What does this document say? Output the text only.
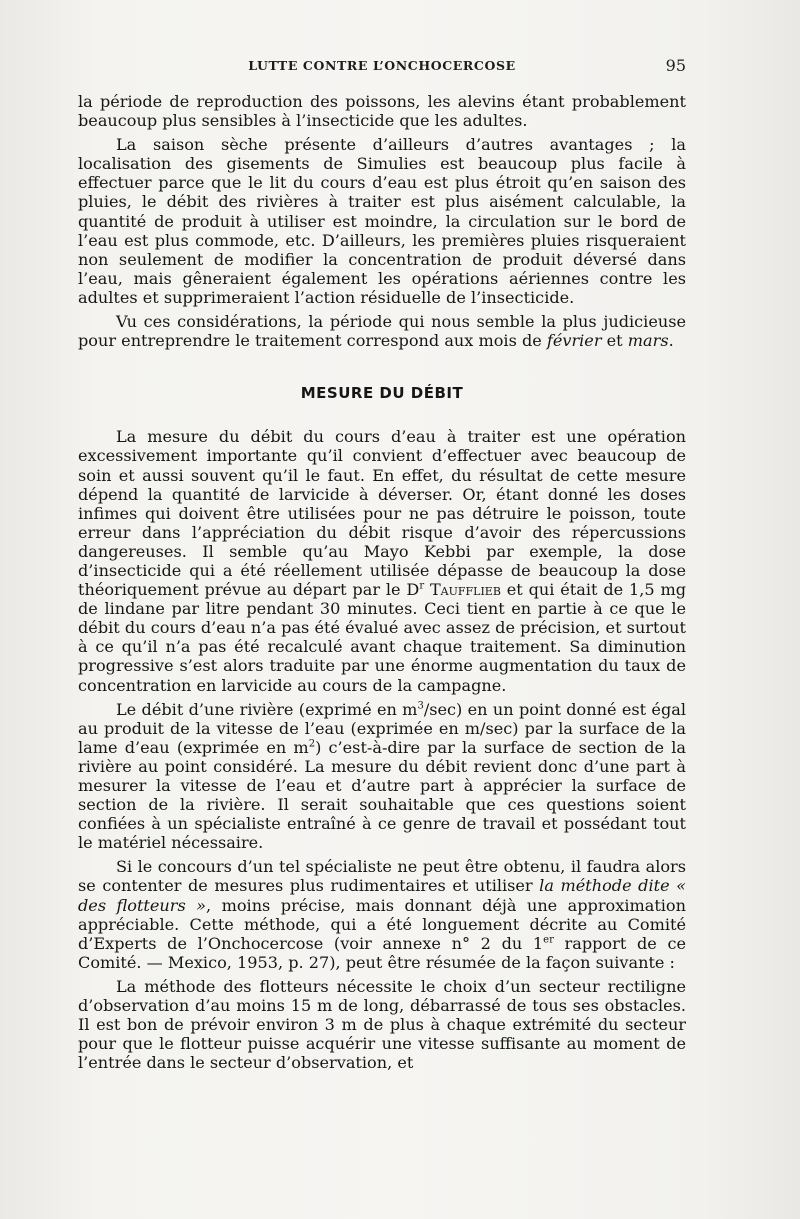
LUTTE CONTRE L’ONCHOCERCOSE	95

la période de reproduction des poissons, les alevins étant probablement beaucoup plus sensibles à l’insecticide que les adultes.

La saison sèche présente d’ailleurs d’autres avantages ; la localisation des gisements de Simulies est beaucoup plus facile à effectuer parce que le lit du cours d’eau est plus étroit qu’en saison des pluies, le débit des rivières à traiter est plus aisément calculable, la quantité de produit à utiliser est moindre, la circulation sur le bord de l’eau est plus commode, etc. D’ailleurs, les premières pluies risqueraient non seulement de modifier la concentration de produit déversé dans l’eau, mais gêneraient également les opérations aériennes contre les adultes et supprimeraient l’action résiduelle de l’insecticide.

Vu ces considérations, la période qui nous semble la plus judicieuse pour entreprendre le traitement correspond aux mois de février et mars.

MESURE DU DÉBIT

La mesure du débit du cours d’eau à traiter est une opération excessivement importante qu’il convient d’effectuer avec beaucoup de soin et aussi souvent qu’il le faut. En effet, du résultat de cette mesure dépend la quantité de larvicide à déverser. Or, étant donné les doses infimes qui doivent être utilisées pour ne pas détruire le poisson, toute erreur dans l’appréciation du débit risque d’avoir des répercussions dangereuses. Il semble qu’au Mayo Kebbi par exemple, la dose d’insecticide qui a été réellement utilisée dépasse de beaucoup la dose théoriquement prévue au départ par le $D^r$ Taufflieb et qui était de 1,5 mg de lindane par litre pendant 30 minutes. Ceci tient en partie à ce que le débit du cours d’eau n’a pas été évalué avec assez de précision, et surtout à ce qu’il n’a pas été recalculé avant chaque traitement. Sa diminution progressive s’est alors traduite par une énorme augmentation du taux de concentration en larvicide au cours de la campagne.

Le débit d’une rivière (exprimé en $m^3/\sec$) en un point donné est égal au produit de la vitesse de l’eau (exprimée en m/sec) par la surface de la lame d’eau (exprimée en $m^2$) c’est-à-dire par la surface de section de la rivière au point considéré. La mesure du débit revient donc d’une part à mesurer la vitesse de l’eau et d’autre part à apprécier la surface de section de la rivière. Il serait souhaitable que ces questions soient confiées à un spécialiste entraîné à ce genre de travail et possédant tout le matériel nécessaire.

Si le concours d’un tel spécialiste ne peut être obtenu, il faudra alors se contenter de mesures plus rudimentaires et utiliser la méthode dite « des flotteurs », moins précise, mais donnant déjà une approximation appréciable. Cette méthode, qui a été longuement décrite au Comité d’Experts de l’Onchocercose (voir annexe n° 2 du 1er rapport de ce Comité. — Mexico, 1953, p. 27), peut être résumée de la façon suivante :

La méthode des flotteurs nécessite le choix d’un secteur rectiligne d’observation d’au moins 15 m de long, débarrassé de tous ses obstacles. Il est bon de prévoir environ 3 m de plus à chaque extrémité du secteur pour que le flotteur puisse acquérir une vitesse suffisante au moment de l’entrée dans le secteur d’observation, et
